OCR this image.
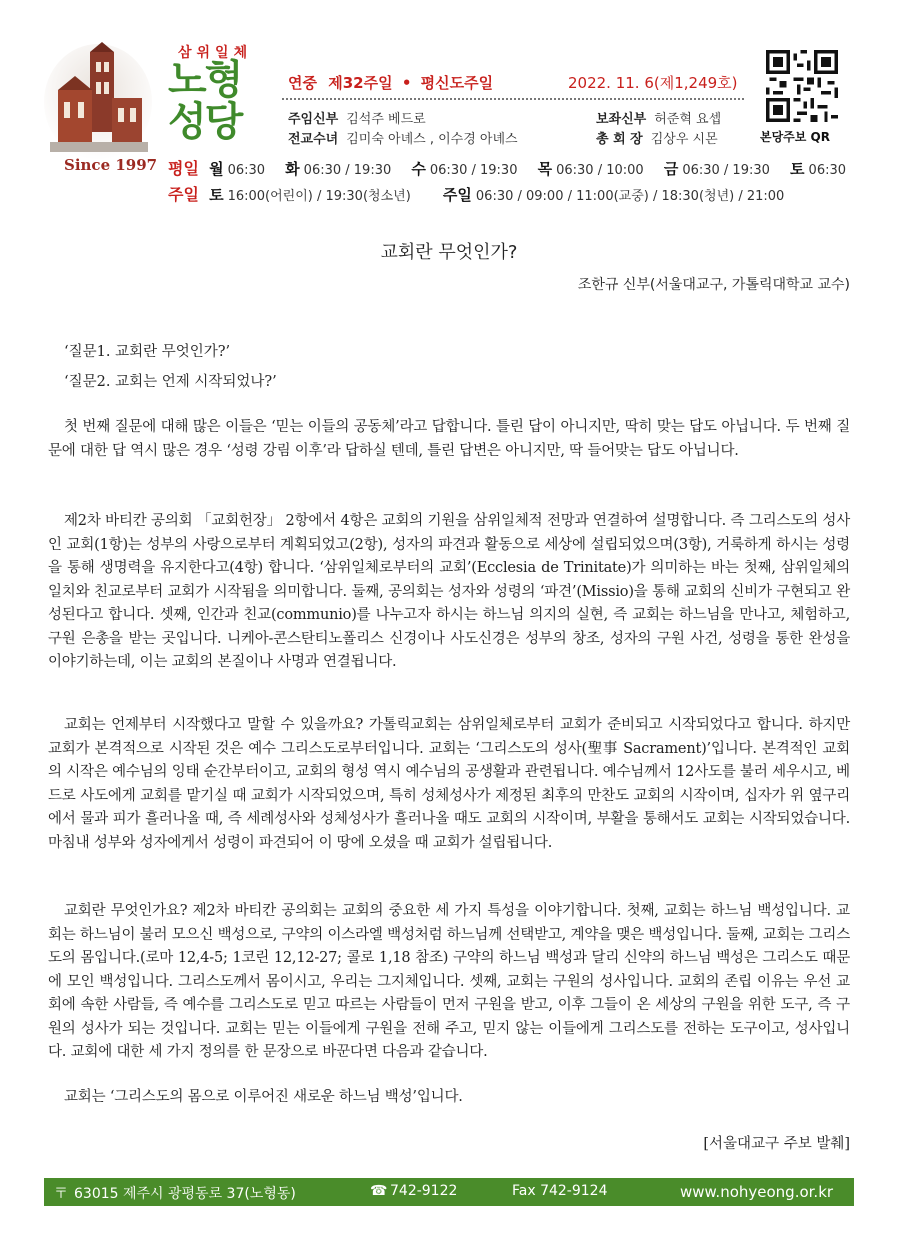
Since 1997
삼위일체
노형
성당
연중 제32주일 • 평신도주일	2022. 11. 6(제1,249호)
주임신부 김석주 베드로	보좌신부 허준혁 요셉
전교수녀 김미숙 아녜스 , 이수경 아녜스	총 회 장 김상우 시몬	본당주보 QR
평일 월 06:30 화 06:30 / 19:30 수 06:30 / 19:30 목 06:30 / 10:00 금 06:30 / 19:30 토 06:30
주일 토 16:00(어린이) / 19:30(청소년) 주일 06:30 / 09:00 / 11:00(교중) / 18:30(청년) / 21:00
교회란 무엇인가?
조한규 신부(서울대교구, 가톨릭대학교 교수)
‘질문1. 교회란 무엇인가?’
‘질문2. 교회는 언제 시작되었나?’

첫 번째 질문에 대해 많은 이들은 ‘믿는 이들의 공동체’라고 답합니다. 틀린 답이 아니지만, 딱히 맞는 답도 아닙니다. 두 번째 질문에 대한 답 역시 많은 경우 ‘성령 강림 이후’라 답하실 텐데, 틀린 답변은 아니지만, 딱 들어맞는 답도 아닙니다.

제2차 바티칸 공의회 「교회헌장」 2항에서 4항은 교회의 기원을 삼위일체적 전망과 연결하여 설명합니다. 즉 그리스도의 성사인 교회(1항)는 성부의 사랑으로부터 계획되었고(2항), 성자의 파견과 활동으로 세상에 설립되었으며(3항), 거룩하게 하시는 성령을 통해 생명력을 유지한다고(4항) 합니다. ‘삼위일체로부터의 교회’(Ecclesia de Trinitate)가 의미하는 바는 첫째, 삼위일체의 일치와 친교로부터 교회가 시작됨을 의미합니다. 둘째, 공의회는 성자와 성령의 ‘파견’(Missio)을 통해 교회의 신비가 구현되고 완성된다고 합니다. 셋째, 인간과 친교(communio)를 나누고자 하시는 하느님 의지의 실현, 즉 교회는 하느님을 만나고, 체험하고, 구원 은총을 받는 곳입니다. 니케아-콘스탄티노폴리스 신경이나 사도신경은 성부의 창조, 성자의 구원 사건, 성령을 통한 완성을 이야기하는데, 이는 교회의 본질이나 사명과 연결됩니다.

교회는 언제부터 시작했다고 말할 수 있을까요? 가톨릭교회는 삼위일체로부터 교회가 준비되고 시작되었다고 합니다. 하지만 교회가 본격적으로 시작된 것은 예수 그리스도로부터입니다. 교회는 ‘그리스도의 성사(聖事 Sacrament)’입니다. 본격적인 교회의 시작은 예수님의 잉태 순간부터이고, 교회의 형성 역시 예수님의 공생활과 관련됩니다. 예수님께서 12사도를 불러 세우시고, 베드로 사도에게 교회를 맡기실 때 교회가 시작되었으며, 특히 성체성사가 제정된 최후의 만찬도 교회의 시작이며, 십자가 위 옆구리에서 물과 피가 흘러나올 때, 즉 세례성사와 성체성사가 흘러나올 때도 교회의 시작이며, 부활을 통해서도 교회는 시작되었습니다. 마침내 성부와 성자에게서 성령이 파견되어 이 땅에 오셨을 때 교회가 설립됩니다.

교회란 무엇인가요? 제2차 바티칸 공의회는 교회의 중요한 세 가지 특성을 이야기합니다. 첫째, 교회는 하느님 백성입니다. 교회는 하느님이 불러 모으신 백성으로, 구약의 이스라엘 백성처럼 하느님께 선택받고, 계약을 맺은 백성입니다. 둘째, 교회는 그리스도의 몸입니다.(로마 12,4-5; 1코린 12,12-27; 콜로 1,18 참조) 구약의 하느님 백성과 달리 신약의 하느님 백성은 그리스도 때문에 모인 백성입니다. 그리스도께서 몸이시고, 우리는 그지체입니다. 셋째, 교회는 구원의 성사입니다. 교회의 존립 이유는 우선 교회에 속한 사람들, 즉 예수를 그리스도로 믿고 따르는 사람들이 먼저 구원을 받고, 이후 그들이 온 세상의 구원을 위한 도구, 즉 구원의 성사가 되는 것입니다. 교회는 믿는 이들에게 구원을 전해 주고, 믿지 않는 이들에게 그리스도를 전하는 도구이고, 성사입니다. 교회에 대한 세 가지 정의를 한 문장으로 바꾼다면 다음과 같습니다.

교회는 ‘그리스도의 몸으로 이루어진 새로운 하느님 백성’입니다.

[서울대교구 주보 발췌]
〒 63015 제주시 광평동로 37(노형동)	☎ 742-9122	Fax 742-9124	www.nohyeong.or.kr
